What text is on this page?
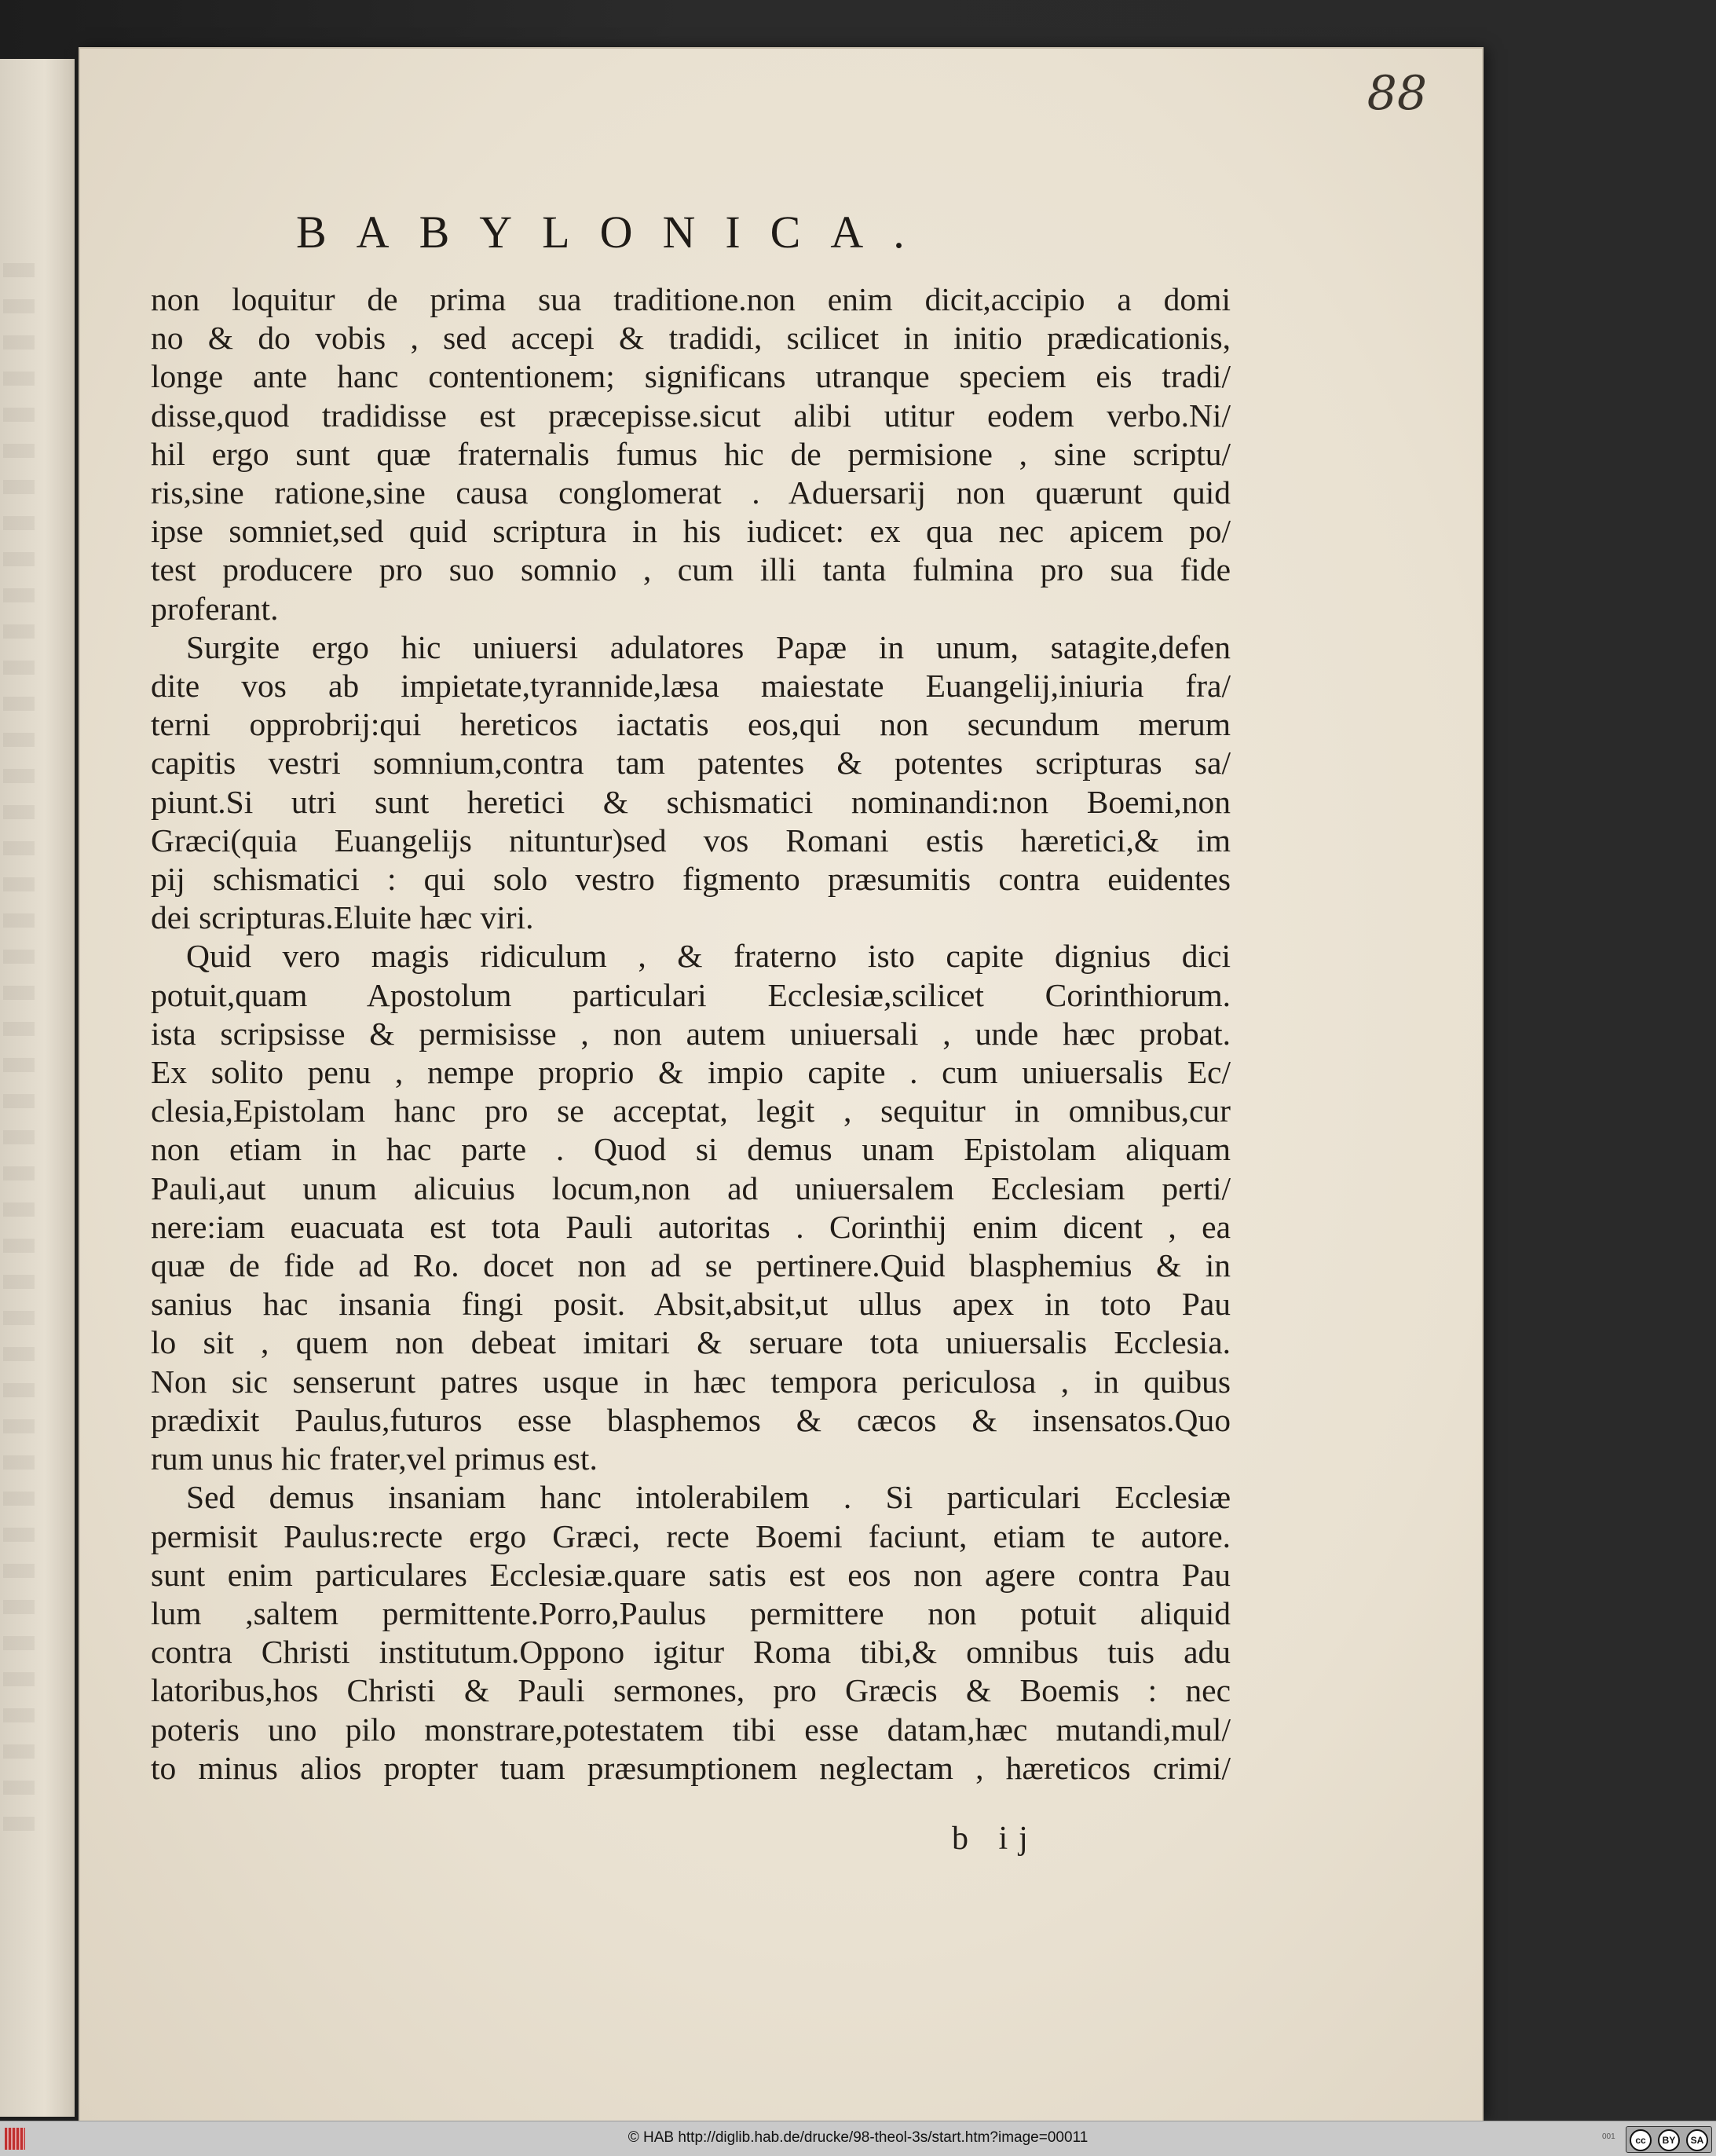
88
BABYLONICA.
non loquitur de prima sua traditione.non enim dicit,accipio a domi
no & do vobis , sed accepi & tradidi, scilicet in initio prædicationis,
longe ante hanc contentionem; significans utranque speciem eis tradi/
disse,quod tradidisse est præcepisse.sicut alibi utitur eodem verbo.Ni/
hil ergo sunt quæ fraternalis fumus hic de permisione , sine scriptu/
ris,sine ratione,sine causa conglomerat . Aduersarij non quærunt quid
ipse somniet,sed quid scriptura in his iudicet: ex qua nec apicem po/
test producere pro suo somnio , cum illi tanta fulmina pro sua fide
proferant.
Surgite ergo hic uniuersi adulatores Papæ in unum, satagite,defen
dite vos ab impietate,tyrannide,læsa maiestate Euangelij,iniuria fra/
terni opprobrij:qui hereticos iactatis eos,qui non secundum merum
capitis vestri somnium,contra tam patentes & potentes scripturas sa/
piunt.Si utri sunt heretici & schismatici nominandi:non Boemi,non
Græci(quia Euangelijs nituntur)sed vos Romani estis hæretici,& im
pij schismatici : qui solo vestro figmento præsumitis contra euidentes
dei scripturas.Eluite hæc viri.
Quid vero magis ridiculum , & fraterno isto capite dignius dici
potuit,quam Apostolum particulari Ecclesiæ,scilicet Corinthiorum.
ista scripsisse & permisisse , non autem uniuersali , unde hæc probat.
Ex solito penu , nempe proprio & impio capite . cum uniuersalis Ec/
clesia,Epistolam hanc pro se acceptat, legit , sequitur in omnibus,cur
non etiam in hac parte . Quod si demus unam Epistolam aliquam
Pauli,aut unum alicuius locum,non ad uniuersalem Ecclesiam perti/
nere:iam euacuata est tota Pauli autoritas . Corinthij enim dicent , ea
quæ de fide ad Ro. docet non ad se pertinere.Quid blasphemius & in
sanius hac insania fingi posit. Absit,absit,ut ullus apex in toto Pau
lo sit , quem non debeat imitari & seruare tota uniuersalis Ecclesia.
Non sic senserunt patres usque in hæc tempora periculosa , in quibus
prædixit Paulus,futuros esse blasphemos & cæcos & insensatos.Quo
rum unus hic frater,vel primus est.
Sed demus insaniam hanc intolerabilem . Si particulari Ecclesiæ
permisit Paulus:recte ergo Græci, recte Boemi faciunt, etiam te autore.
sunt enim particulares Ecclesiæ.quare satis est eos non agere contra Pau
lum ,saltem permittente.Porro,Paulus permittere non potuit aliquid
contra Christi institutum.Oppono igitur Roma tibi,& omnibus tuis adu
latoribus,hos Christi & Pauli sermones, pro Græcis & Boemis : nec
poteris uno pilo monstrare,potestatem tibi esse datam,hæc mutandi,mul/
to minus alios propter tuam præsumptionem neglectam , hæreticos crimi/
b ij
© HAB http://diglib.hab.de/drucke/98-theol-3s/start.htm?image=00011	001	cc	BY	SA
